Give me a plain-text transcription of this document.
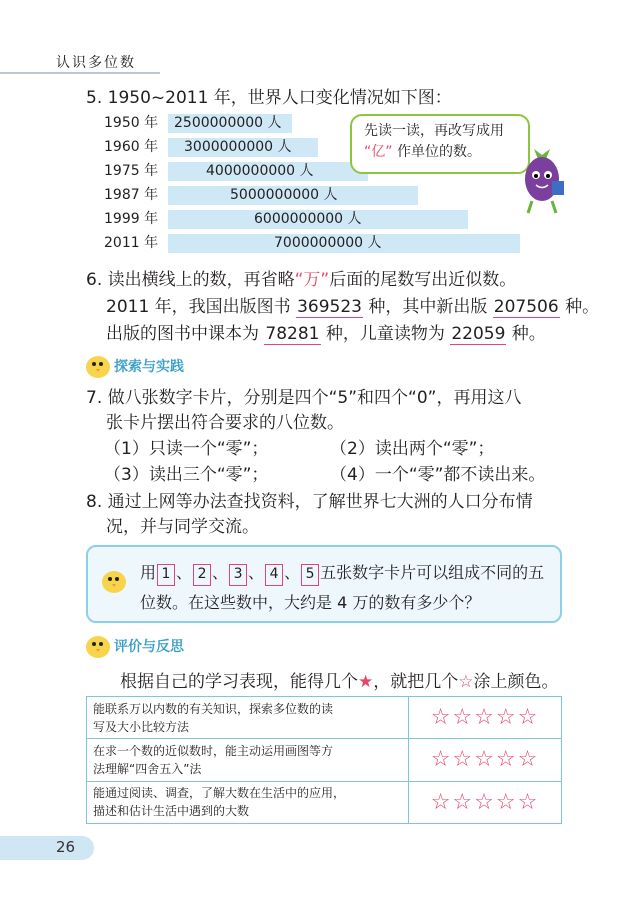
认识多位数
5. 1950~2011 年，世界人口变化情况如下图：
1950 年	2500000000 人
1960 年	3000000000 人
1975 年	4000000000 人
1987 年	5000000000 人
1999 年	6000000000 人
2011 年	7000000000 人
先读一读，再改写成用
“亿” 作单位的数。
6. 读出横线上的数，再省略“万”后面的尾数写出近似数。
2011 年，我国出版图书 369523 种，其中新出版 207506 种。
出版的图书中课本为 78281 种，儿童读物为 22059 种。
探索与实践
7. 做八张数字卡片，分别是四个“5”和四个“0”，再用这八
张卡片摆出符合要求的八位数。
（1）只读一个“零”；	（2）读出两个“零”；
（3）读出三个“零”；	（4）一个“零”都不读出来。
8. 通过上网等办法查找资料，了解世界七大洲的人口分布情
况，并与同学交流。
用 1 、 2 、 3 、 4 、 5 五张数字卡片可以组成不同的五
位数。在这些数中，大约是 4 万的数有多少个？
评价与反思
根据自己的学习表现，能得几个★，就把几个☆涂上颜色。
能联系万以内数的有关知识，探索多位数的读
写及大小比较方法	☆☆☆☆☆

在求一个数的近似数时，能主动运用画图等方
法理解“四舍五入”法	☆☆☆☆☆

能通过阅读、调查，了解大数在生活中的应用，
描述和估计生活中遇到的大数	☆☆☆☆☆
26
